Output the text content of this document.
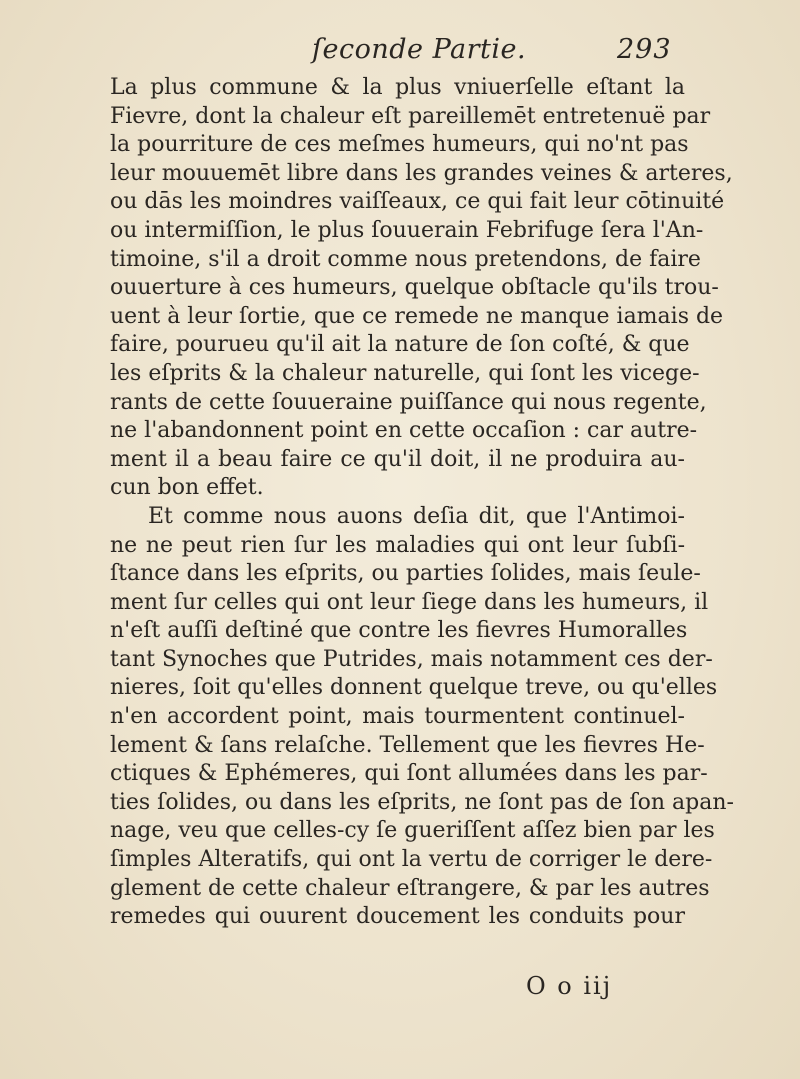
ſeconde Partie.	293
La plus commune & la plus vniuerſelle eſtant la
Fievre, dont la chaleur eſt pareillemēt entretenuë par
la pourriture de ces meſmes humeurs, qui no'nt pas
leur mouuemēt libre dans les grandes veines & arteres,
ou dās les moindres vaiſſeaux, ce qui fait leur cōtinuité
ou intermiſſion, le plus ſouuerain Febrifuge ſera l'An-
timoine, s'il a droit comme nous pretendons, de faire
ouuerture à ces humeurs, quelque obſtacle qu'ils trou-
uent à leur ſortie, que ce remede ne manque iamais de
faire, pourueu qu'il ait la nature de ſon coſté, & que
les eſprits & la chaleur naturelle, qui ſont les vicege-
rants de cette ſouueraine puiſſance qui nous regente,
ne l'abandonnent point en cette occaſion : car autre-
ment il a beau faire ce qu'il doit, il ne produira au-
cun bon effet.
Et comme nous auons deſia dit, que l'Antimoi-
ne ne peut rien ſur les maladies qui ont leur ſubſi-
ſtance dans les eſprits, ou parties ſolides, mais ſeule-
ment ſur celles qui ont leur ſiege dans les humeurs, il
n'eſt auſſi deſtiné que contre les fievres Humoralles
tant Synoches que Putrides, mais notamment ces der-
nieres, ſoit qu'elles donnent quelque treve, ou qu'elles
n'en accordent point, mais tourmentent continuel-
lement & ſans relaſche. Tellement que les fievres He-
ctiques & Ephémeres, qui ſont allumées dans les par-
ties ſolides, ou dans les eſprits, ne ſont pas de ſon apan-
nage, veu que celles-cy ſe gueriſſent aſſez bien par les
ſimples Alteratifs, qui ont la vertu de corriger le dere-
glement de cette chaleur eſtrangere, & par les autres
remedes qui ouurent doucement les conduits pour
O o iij
